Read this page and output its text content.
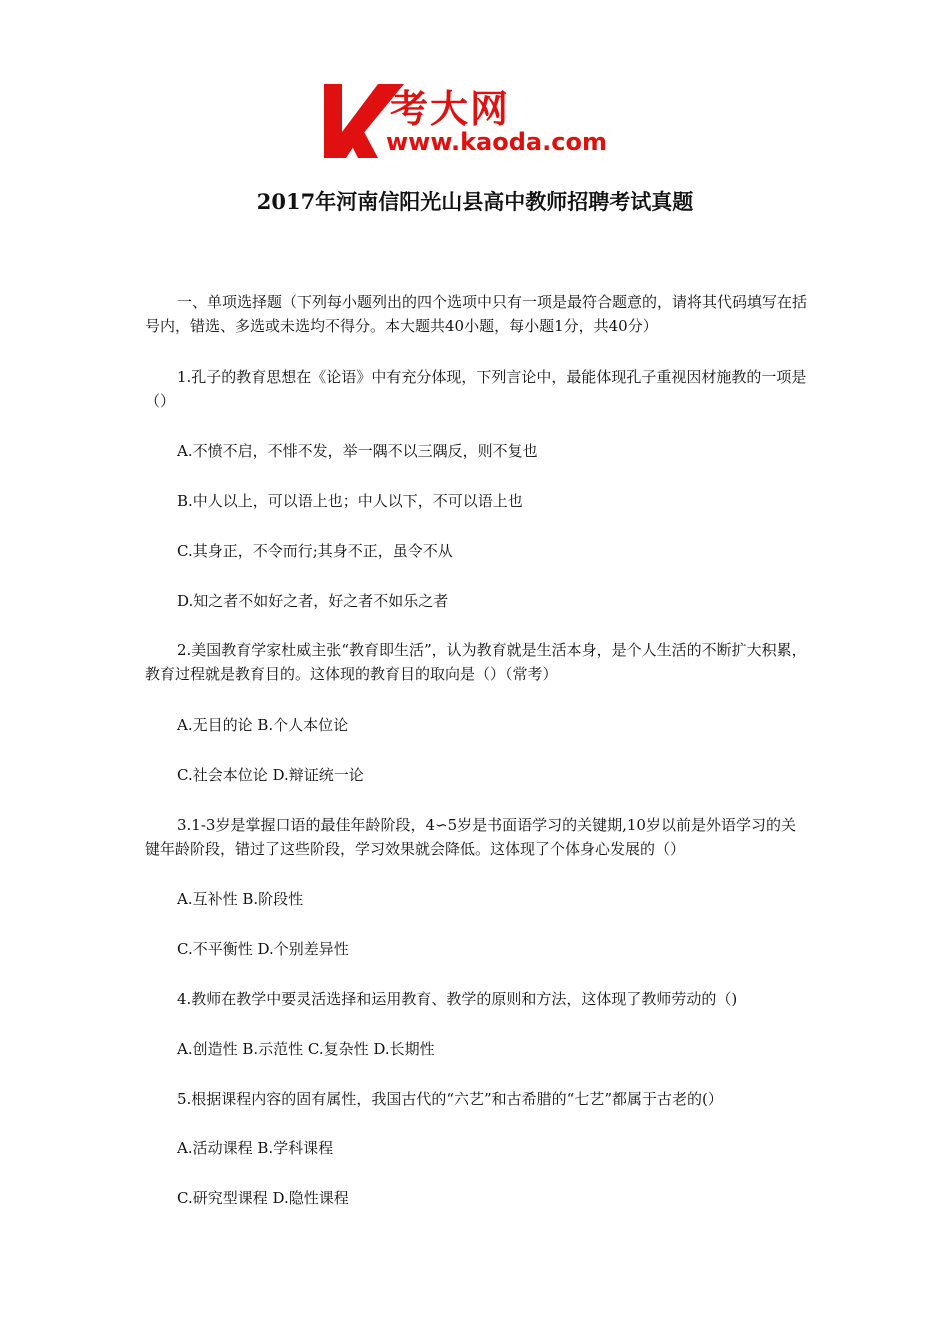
考大网
www.kaoda.com
2017年河南信阳光山县高中教师招聘考试真题

一、单项选择题（下列每小题列出的四个选项中只有一项是最符合题意的，请将其代码填写在括号内，错选、多选或未选均不得分。本大题共40小题，每小题1分，共40分）

1.孔子的教育思想在《论语》中有充分体现，下列言论中，最能体现孔子重视因材施教的一项是（）

A.不愤不启，不悱不发，举一隅不以三隅反，则不复也

B.中人以上，可以语上也；中人以下，不可以语上也

C.其身正，不令而行;其身不正，虽令不从

D.知之者不如好之者，好之者不如乐之者

2.美国教育学家杜威主张“教育即生活”，认为教育就是生活本身，是个人生活的不断扩大积累，教育过程就是教育目的。这体现的教育目的取向是（）（常考）

A.无目的论 B.个人本位论

C.社会本位论 D.辩证统一论

3.1-3岁是掌握口语的最佳年龄阶段，4∽5岁是书面语学习的关键期,10岁以前是外语学习的关键年龄阶段，错过了这些阶段，学习效果就会降低。这体现了个体身心发展的（）

A.互补性 B.阶段性

C.不平衡性 D.个别差异性

4.教师在教学中要灵活选择和运用教育、教学的原则和方法，这体现了教师劳动的（)

A.创造性 B.示范性 C.复杂性 D.长期性

5.根据课程内容的固有属性，我国古代的“六艺”和古希腊的“七艺”都属于古老的(）

A.活动课程 B.学科课程

C.研究型课程 D.隐性课程
